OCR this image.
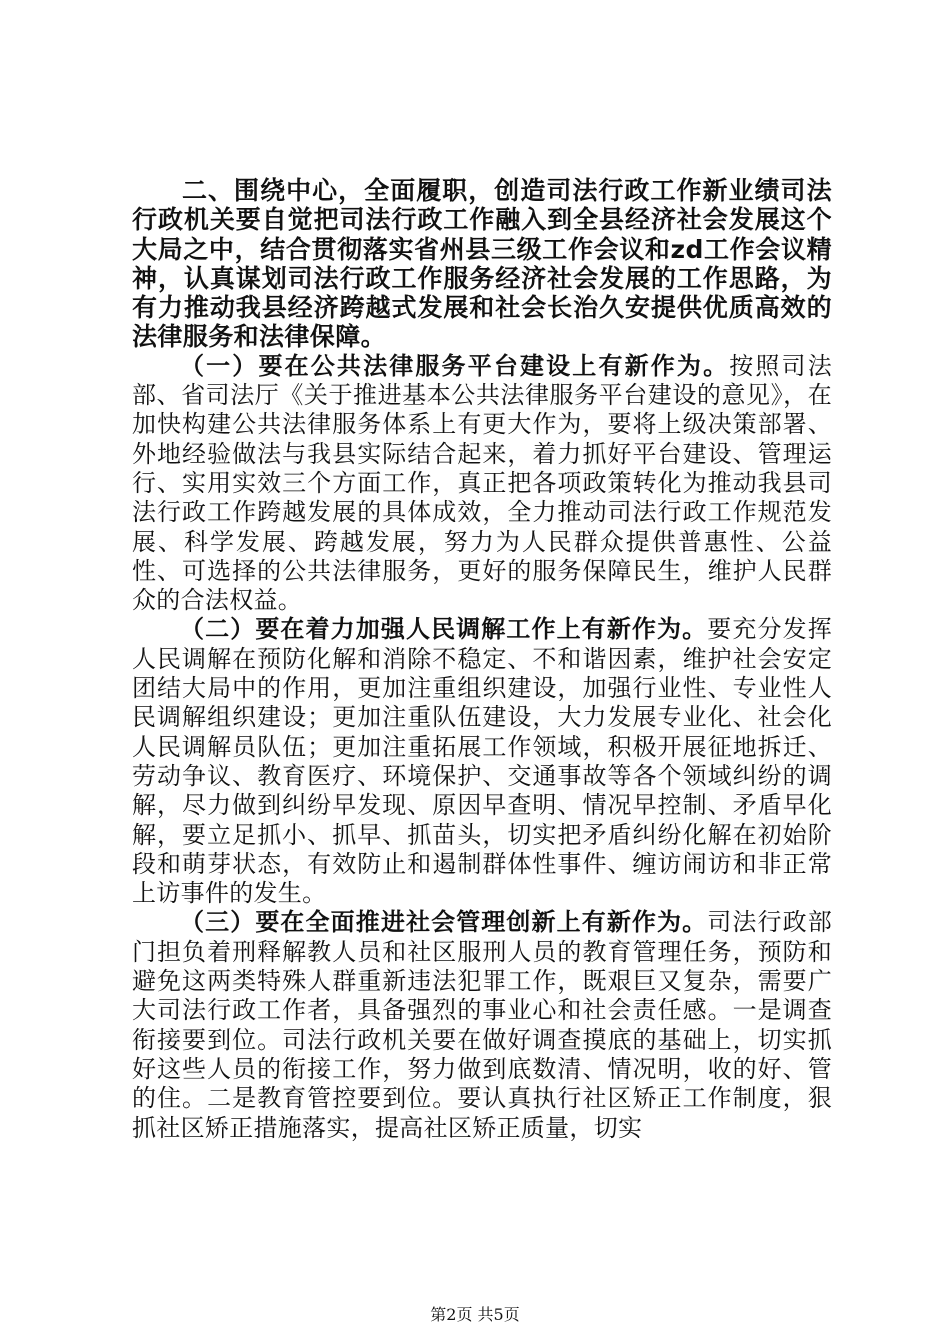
二、围绕中心，全面履职，创造司法行政工作新业绩司法行政机关要自觉把司法行政工作融入到全县经济社会发展这个大局之中，结合贯彻落实省州县三级工作会议和zd工作会议精神，认真谋划司法行政工作服务经济社会发展的工作思路，为有力推动我县经济跨越式发展和社会长治久安提供优质高效的法律服务和法律保障。

（一）要在公共法律服务平台建设上有新作为。按照司法部、省司法厅《关于推进基本公共法律服务平台建设的意见》，在加快构建公共法律服务体系上有更大作为，要将上级决策部署、外地经验做法与我县实际结合起来，着力抓好平台建设、管理运行、实用实效三个方面工作，真正把各项政策转化为推动我县司法行政工作跨越发展的具体成效，全力推动司法行政工作规范发展、科学发展、跨越发展，努力为人民群众提供普惠性、公益性、可选择的公共法律服务，更好的服务保障民生，维护人民群众的合法权益。

（二）要在着力加强人民调解工作上有新作为。要充分发挥人民调解在预防化解和消除不稳定、不和谐因素，维护社会安定团结大局中的作用，更加注重组织建设，加强行业性、专业性人民调解组织建设；更加注重队伍建设，大力发展专业化、社会化人民调解员队伍；更加注重拓展工作领域，积极开展征地拆迁、劳动争议、教育医疗、环境保护、交通事故等各个领域纠纷的调解，尽力做到纠纷早发现、原因早查明、情况早控制、矛盾早化解，要立足抓小、抓早、抓苗头，切实把矛盾纠纷化解在初始阶段和萌芽状态，有效防止和遏制群体性事件、缠访闹访和非正常上访事件的发生。

（三）要在全面推进社会管理创新上有新作为。司法行政部门担负着刑释解教人员和社区服刑人员的教育管理任务，预防和避免这两类特殊人群重新违法犯罪工作，既艰巨又复杂，需要广大司法行政工作者，具备强烈的事业心和社会责任感。一是调查衔接要到位。司法行政机关要在做好调查摸底的基础上，切实抓好这些人员的衔接工作，努力做到底数清、情况明，收的好、管的住。二是教育管控要到位。要认真执行社区矫正工作制度，狠抓社区矫正措施落实，提高社区矫正质量，切实

第2页 共5页
